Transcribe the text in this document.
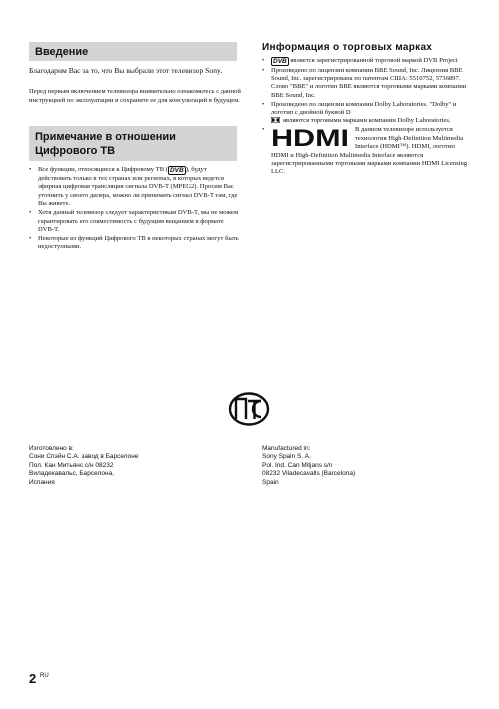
Введение

Благодарим Вас за то, что Вы выбрали этот телевизор Sony.

Перед первым включением телевизора внимательно ознакомьтесь с данной инструкцией по эксплуатации и сохраните ее для консультаций в будущем.

Примечание в отношении Цифрового ТВ
• Все функции, относящиеся к Цифровому ТВ ( DVB ), будут действовать только в тех странах или регионах, в которых ведется эфирная цифровая трансляция сигнала DVB-T (MPEG2). Просим Вас уточнить у своего дилера, можно ли принимать сигнал DVB-T там, где Вы живете.
• Хотя данный телевизор следует характеристикам DVB-T, мы не можем гарантировать его совместимость с будущим вещанием в формате DVB-T.
• Некоторые из функций Цифрового ТВ в некоторых странах могут быть недоступными.
Информация о торговых марках
• DVB является зарегистрированной торговой маркой DVB Project
• Произведено по лицензии компании BBE Sound, Inc. Лицензия BBE Sound, Inc. зарегистрирована по патентам США: 5510752, 5736897. Слово "BBE" и логотип BBE являются торговыми марками компании BBE Sound, Inc.
• Произведено по лицензии компании Dolby Laboratories. "Dolby" и логотип с двойной буквой D
являются торговыми марками компании Dolby Laboratories.
• HDMI В данном телевизоре используется технология High-Definition Multimedia Interface (HDMI™). HDMI, логотип HDMI и High-Definition Multimedia Interface являются зарегистрированными торговыми марками компании HDMI Licensing LLC.
Изготовлено в:
Сони Спэйн С.А. завод в Барселоне
Пол. Кан Митьянс с/н 08232
Виладекавальс, Барселона,
Испания
Manufactured in:
Sony Spain S. A.
Pol. Ind. Can Mitjans s/n
08232 Viladecavalls (Barcelona)
Spain
2 RU
